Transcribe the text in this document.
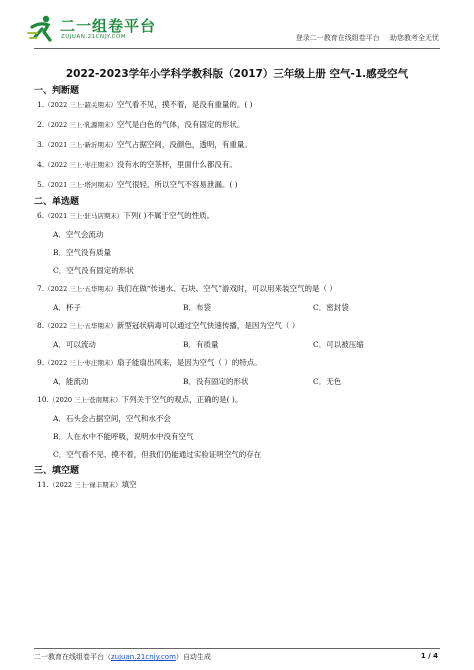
二一组卷平台
ZUJUAN.21CNJY.COM	登录二一教育在线组卷平台 助您教考全无忧
2022-2023学年小学科学教科版（2017）三年级上册 空气-1.感受空气
一、判断题
1.（2022 三上·韶关期末）空气看不见，摸不着，是没有重量的。( )
2.（2022 三上·乳源期末）空气是白色的气体，没有固定的形状。
3.（2021 三上·新沂期末）空气占据空间，没颜色，透明，有重量。
4.（2022 三上·枣庄期末）没有水的空茶杯，里面什么都没有。
5.（2021 三上·塔河期末）空气很轻，所以空气不容易泄漏。( )
二、单选题
6.（2021 三上·驻马店期末）下列( )不属于空气的性质。
A．空气会流动
B．空气没有质量
C．空气没有固定的形状
7.（2022 三上·五华期末）我们在做“传递水、石块、空气”游戏时，可以用来装空气的是（ ）
A．杯子	B．布袋	C．密封袋
8.（2022 三上·五华期末）新型冠状病毒可以通过空气快速传播，是因为空气（ ）
A．可以流动	B．有质量	C．可以被压缩
9.（2022 三上·枣庄期末）扇子能扇出风来，是因为空气（ ）的特点。
A．能流动	B．没有固定的形状	C．无色
10.（2020 三上·苍南期末）下列关于空气的观点，正确的是( )。
A．石头会占据空间，空气和水不会
B．人在水中不能呼吸，说明水中没有空气
C．空气看不见、摸不着，但我们仍能通过实验证明空气的存在
三、填空题
11.（2022 三上·禄丰期末）填空
二一教育在线组卷平台（zujuan.21cnjy.com）自动生成	1 / 4
